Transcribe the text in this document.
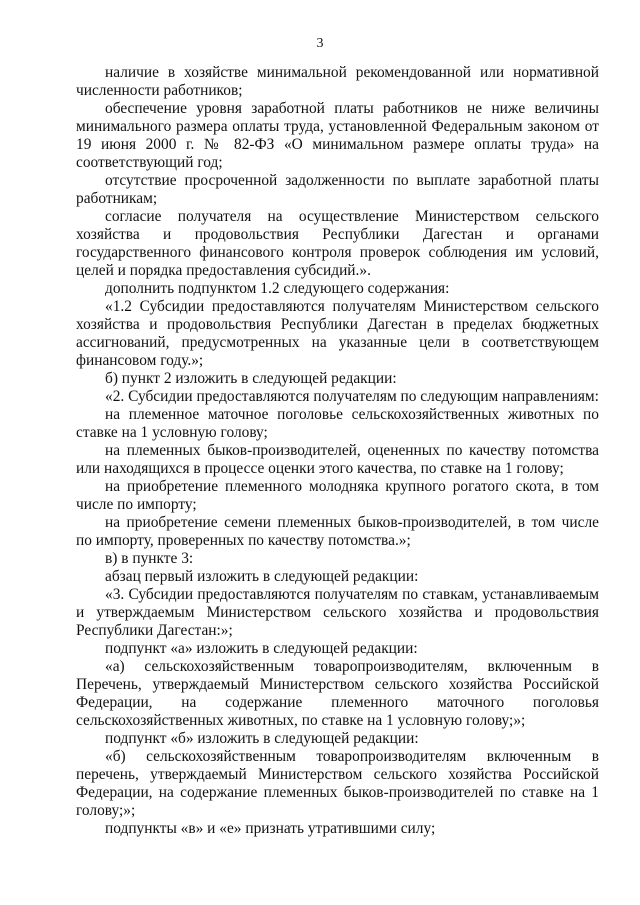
3

наличие в хозяйстве минимальной рекомендованной или нормативной численности работников;

обеспечение уровня заработной платы работников не ниже величины минимального размера оплаты труда, установленной Федеральным законом от 19 июня 2000 г. № 82-ФЗ «О минимальном размере оплаты труда» на соответствующий год;

отсутствие просроченной задолженности по выплате заработной платы работникам;

согласие получателя на осуществление Министерством сельского хозяйства и продовольствия Республики Дагестан и органами государственного финансового контроля проверок соблюдения им условий, целей и порядка предоставления субсидий.».

дополнить подпунктом 1.2 следующего содержания:

«1.2 Субсидии предоставляются получателям Министерством сельского хозяйства и продовольствия Республики Дагестан в пределах бюджетных ассигнований, предусмотренных на указанные цели в соответствующем финансовом году.»;

б) пункт 2 изложить в следующей редакции:

«2. Субсидии предоставляются получателям по следующим направлениям:

на племенное маточное поголовье сельскохозяйственных животных по ставке на 1 условную голову;

на племенных быков-производителей, оцененных по качеству потомства или находящихся в процессе оценки этого качества, по ставке на 1 голову;

на приобретение племенного молодняка крупного рогатого скота, в том числе по импорту;

на приобретение семени племенных быков-производителей, в том числе по импорту, проверенных по качеству потомства.»;

в) в пункте 3:

абзац первый изложить в следующей редакции:

«3. Субсидии предоставляются получателям по ставкам, устанавливаемым и утверждаемым Министерством сельского хозяйства и продовольствия Республики Дагестан:»;

подпункт «а» изложить в следующей редакции:

«а) сельскохозяйственным товаропроизводителям, включенным в Перечень, утверждаемый Министерством сельского хозяйства Российской Федерации, на содержание племенного маточного поголовья сельскохозяйственных животных, по ставке на 1 условную голову;»;

подпункт «б» изложить в следующей редакции:

«б) сельскохозяйственным товаропроизводителям включенным в перечень, утверждаемый Министерством сельского хозяйства Российской Федерации, на содержание племенных быков-производителей по ставке на 1 голову;»;

подпункты «в» и «е» признать утратившими силу;
